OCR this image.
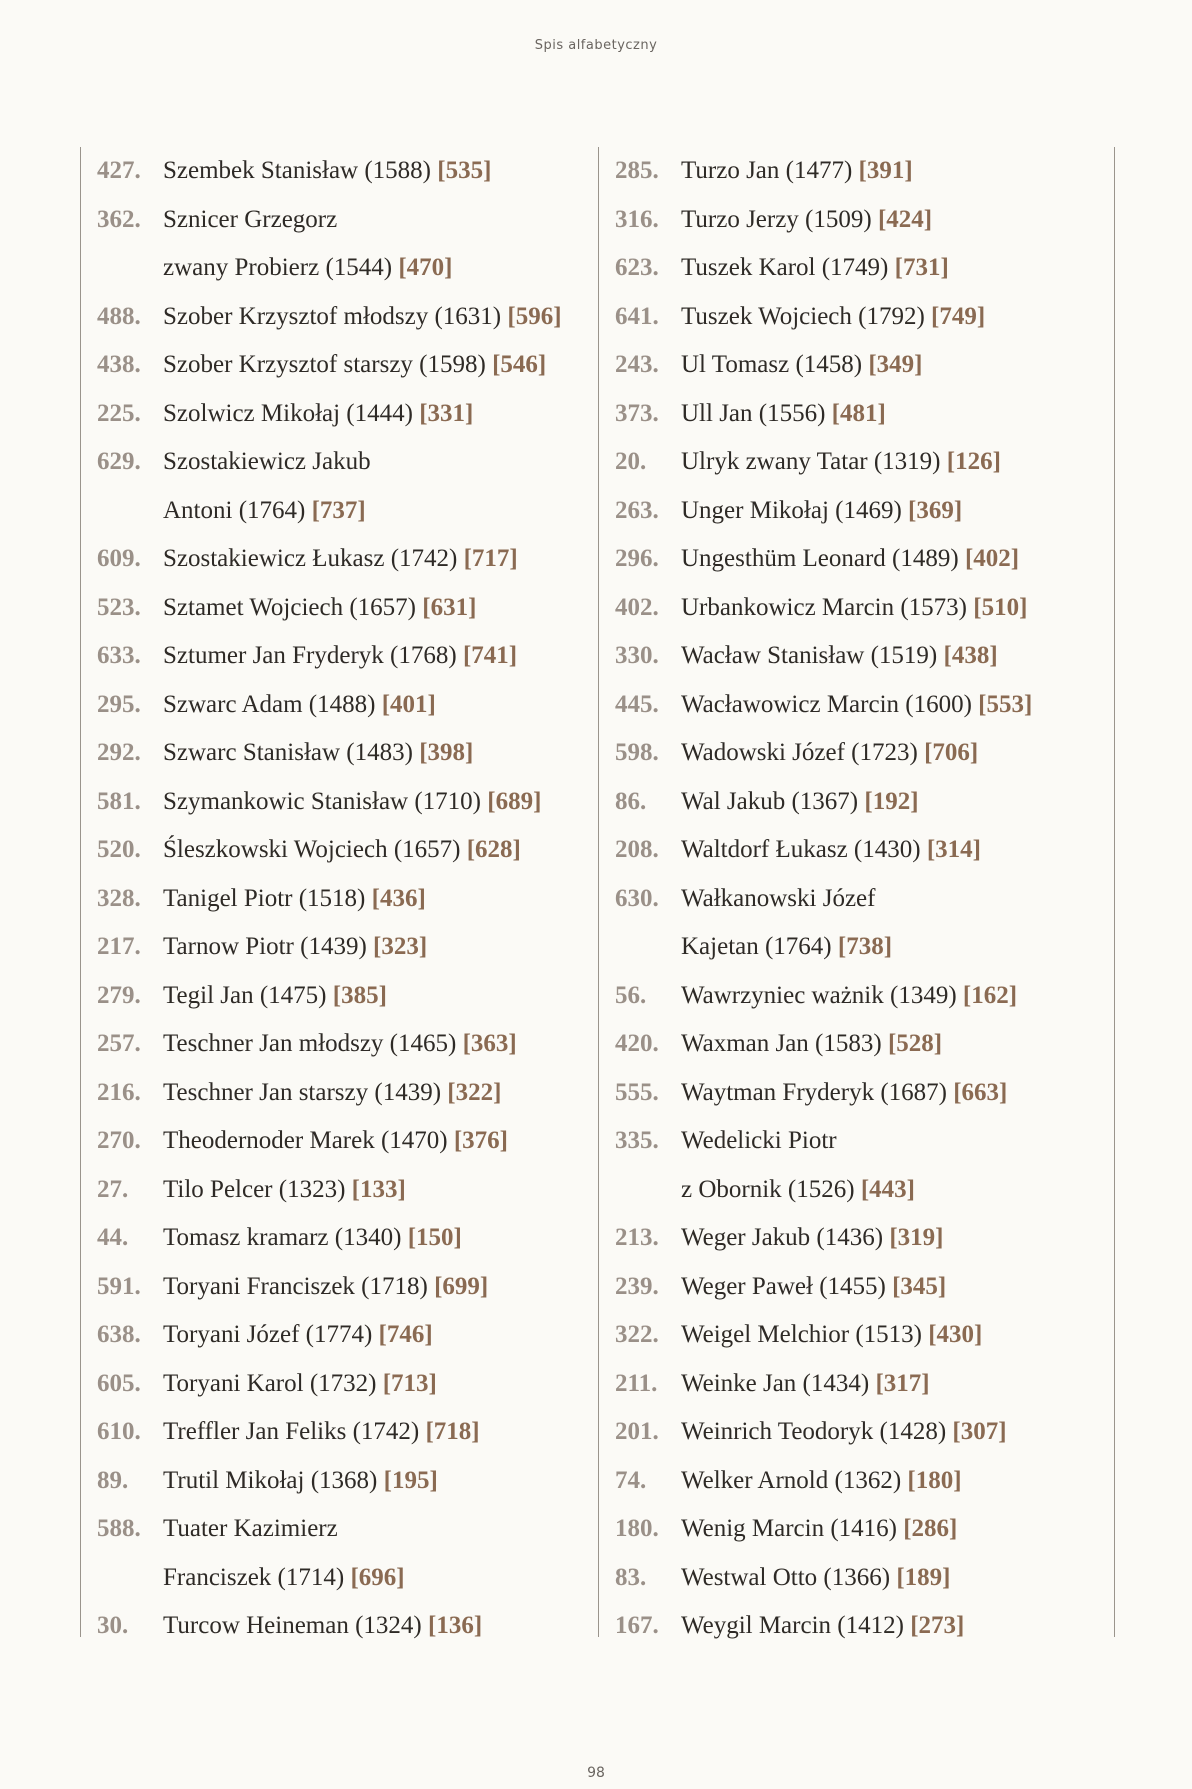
Spis alfabetyczny
427. Szembek Stanisław (1588) [535]
362. Sznicer Grzegorz
zwany Probierz (1544) [470]
488. Szober Krzysztof młodszy (1631) [596]
438. Szober Krzysztof starszy (1598) [546]
225. Szolwicz Mikołaj (1444) [331]
629. Szostakiewicz Jakub
Antoni (1764) [737]
609. Szostakiewicz Łukasz (1742) [717]
523. Sztamet Wojciech (1657) [631]
633. Sztumer Jan Fryderyk (1768) [741]
295. Szwarc Adam (1488) [401]
292. Szwarc Stanisław (1483) [398]
581. Szymankowic Stanisław (1710) [689]
520. Śleszkowski Wojciech (1657) [628]
328. Tanigel Piotr (1518) [436]
217. Tarnow Piotr (1439) [323]
279. Tegil Jan (1475) [385]
257. Teschner Jan młodszy (1465) [363]
216. Teschner Jan starszy (1439) [322]
270. Theodernoder Marek (1470) [376]
27.	Tilo Pelcer (1323) [133]
44.	Tomasz kramarz (1340) [150]
591. Toryani Franciszek (1718) [699]
638. Toryani Józef (1774) [746]
605. Toryani Karol (1732) [713]
610. Treffler Jan Feliks (1742) [718]
89.	Trutil Mikołaj (1368) [195]
588. Tuater Kazimierz
Franciszek (1714) [696]
30.	Turcow Heineman (1324) [136]
285. Turzo Jan (1477) [391]
316. Turzo Jerzy (1509) [424]
623. Tuszek Karol (1749) [731]
641. Tuszek Wojciech (1792) [749]
243. Ul Tomasz (1458) [349]
373. Ull Jan (1556) [481]
20.	Ulryk zwany Tatar (1319) [126]
263. Unger Mikołaj (1469) [369]
296. Ungesthüm Leonard (1489) [402]
402. Urbankowicz Marcin (1573) [510]
330. Wacław Stanisław (1519) [438]
445. Wacławowicz Marcin (1600) [553]
598. Wadowski Józef (1723) [706]
86.	Wal Jakub (1367) [192]
208. Waltdorf Łukasz (1430) [314]
630. Wałkanowski Józef
Kajetan (1764) [738]
56.	Wawrzyniec ważnik (1349) [162]
420. Waxman Jan (1583) [528]
555. Waytman Fryderyk (1687) [663]
335. Wedelicki Piotr
z Obornik (1526) [443]
213. Weger Jakub (1436) [319]
239. Weger Paweł (1455) [345]
322. Weigel Melchior (1513) [430]
211. Weinke Jan (1434) [317]
201. Weinrich Teodoryk (1428) [307]
74.	Welker Arnold (1362) [180]
180. Wenig Marcin (1416) [286]
83.	Westwal Otto (1366) [189]
167. Weygil Marcin (1412) [273]
98
